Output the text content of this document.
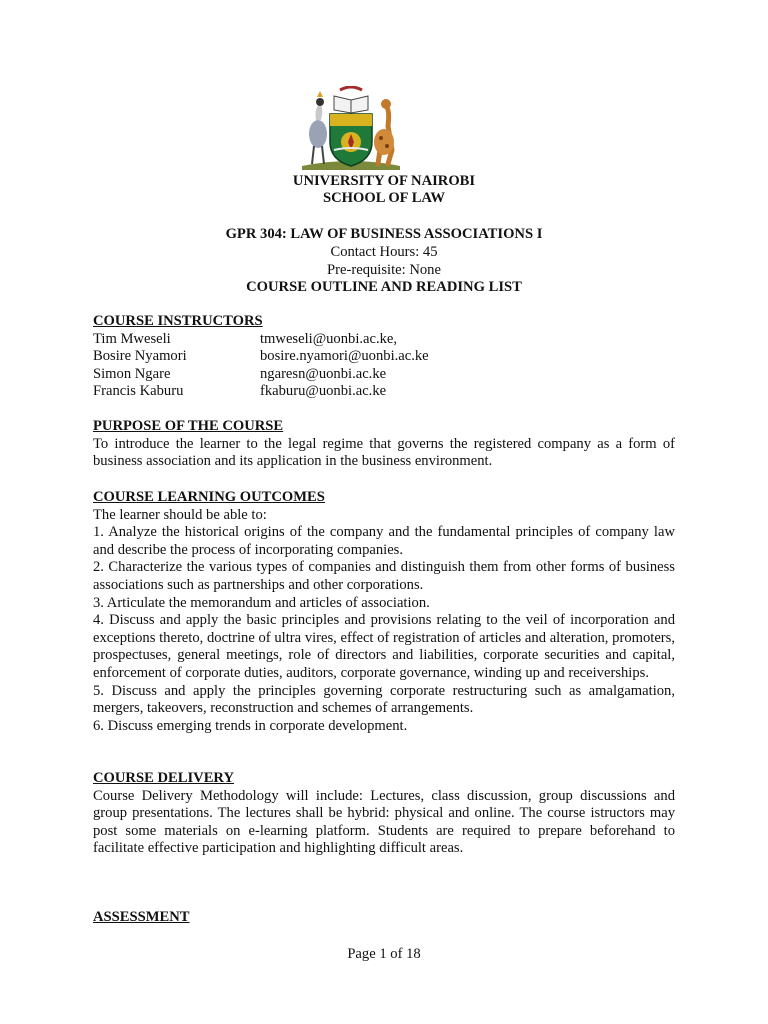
UNIVERSITY OF NAIROBI
SCHOOL OF LAW
GPR 304: LAW OF BUSINESS ASSOCIATIONS I
Contact Hours: 45
Pre-requisite: None
COURSE OUTLINE AND READING LIST

COURSE INSTRUCTORS

Tim Mweseli	tmweseli@uonbi.ac.ke,
Bosire Nyamori	bosire.nyamori@uonbi.ac.ke
Simon Ngare	ngaresn@uonbi.ac.ke
Francis Kaburu	fkaburu@uonbi.ac.ke

PURPOSE OF THE COURSE

To introduce the learner to the legal regime that governs the registered company as a form of business association and its application in the business environment.

COURSE LEARNING OUTCOMES

The learner should be able to:

1. Analyze the historical origins of the company and the fundamental principles of company law and describe the process of incorporating companies.

2. Characterize the various types of companies and distinguish them from other forms of business associations such as partnerships and other corporations.

3. Articulate the memorandum and articles of association.

4. Discuss and apply the basic principles and provisions relating to the veil of incorporation and exceptions thereto, doctrine of ultra vires, effect of registration of articles and alteration, promoters, prospectuses, general meetings, role of directors and liabilities, corporate securities and capital, enforcement of corporate duties, auditors, corporate governance, winding up and receiverships.

5. Discuss and apply the principles governing corporate restructuring such as amalgamation, mergers, takeovers, reconstruction and schemes of arrangements.

6. Discuss emerging trends in corporate development.

COURSE DELIVERY

Course Delivery Methodology will include: Lectures, class discussion, group discussions and group presentations. The lectures shall be hybrid: physical and online. The course istructors may post some materials on e-learning platform. Students are required to prepare beforehand to facilitate effective participation and highlighting difficult areas.

ASSESSMENT

Page 1 of 18
